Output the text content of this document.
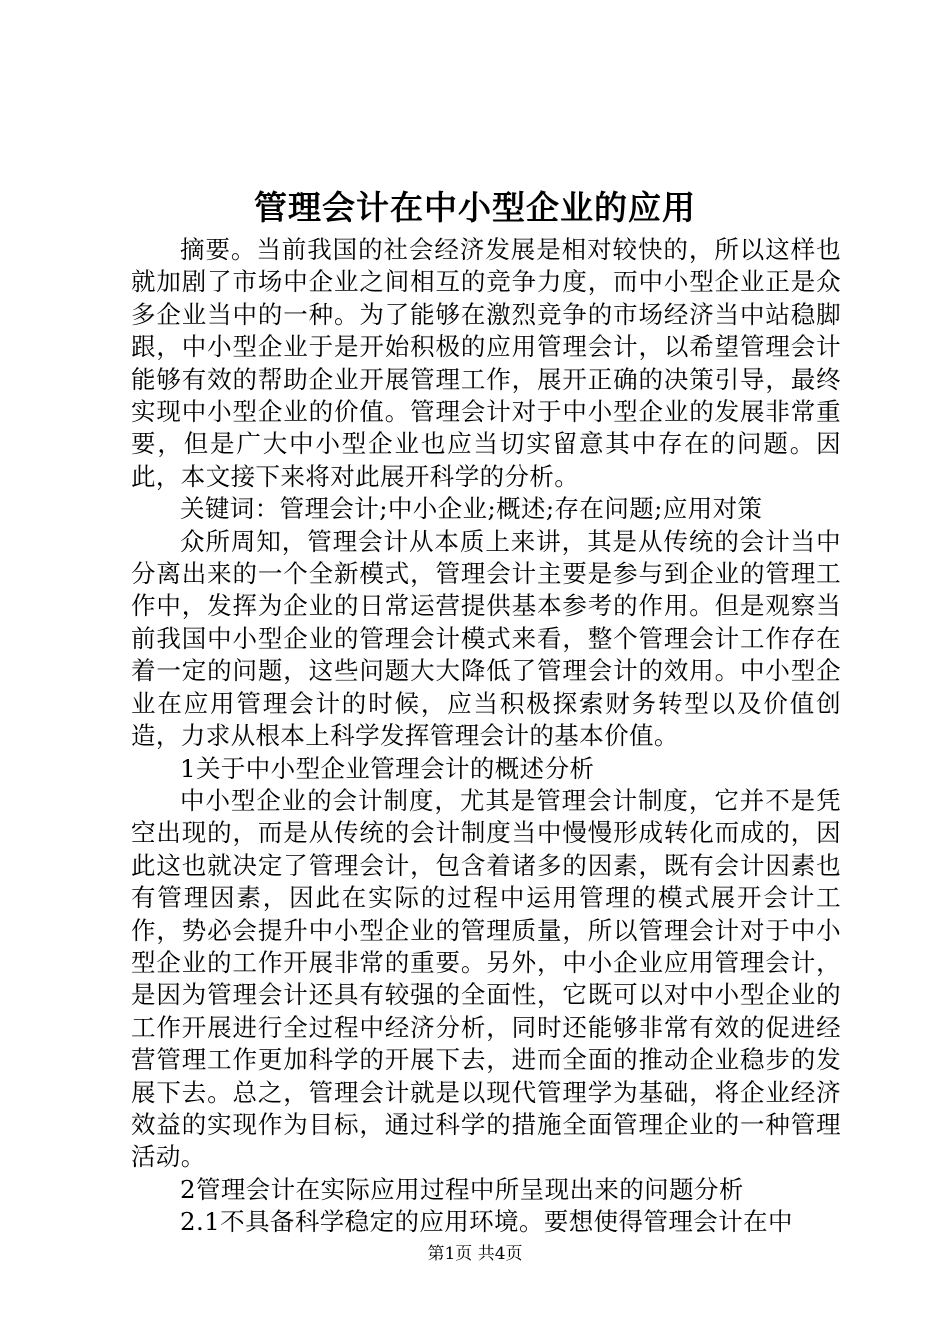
管理会计在中小型企业的应用

摘要。当前我国的社会经济发展是相对较快的，所以这样也就加剧了市场中企业之间相互的竞争力度，而中小型企业正是众多企业当中的一种。为了能够在激烈竞争的市场经济当中站稳脚跟，中小型企业于是开始积极的应用管理会计，以希望管理会计能够有效的帮助企业开展管理工作，展开正确的决策引导，最终实现中小型企业的价值。管理会计对于中小型企业的发展非常重要，但是广大中小型企业也应当切实留意其中存在的问题。因此，本文接下来将对此展开科学的分析。

关键词：管理会计;中小企业;概述;存在问题;应用对策

众所周知，管理会计从本质上来讲，其是从传统的会计当中分离出来的一个全新模式，管理会计主要是参与到企业的管理工作中，发挥为企业的日常运营提供基本参考的作用。但是观察当前我国中小型企业的管理会计模式来看，整个管理会计工作存在着一定的问题，这些问题大大降低了管理会计的效用。中小型企业在应用管理会计的时候，应当积极探索财务转型以及价值创造，力求从根本上科学发挥管理会计的基本价值。

1关于中小型企业管理会计的概述分析

中小型企业的会计制度，尤其是管理会计制度，它并不是凭空出现的，而是从传统的会计制度当中慢慢形成转化而成的，因此这也就决定了管理会计，包含着诸多的因素，既有会计因素也有管理因素，因此在实际的过程中运用管理的模式展开会计工作，势必会提升中小型企业的管理质量，所以管理会计对于中小型企业的工作开展非常的重要。另外，中小企业应用管理会计，是因为管理会计还具有较强的全面性，它既可以对中小型企业的工作开展进行全过程中经济分析，同时还能够非常有效的促进经营管理工作更加科学的开展下去，进而全面的推动企业稳步的发展下去。总之，管理会计就是以现代管理学为基础，将企业经济效益的实现作为目标，通过科学的措施全面管理企业的一种管理活动。

2管理会计在实际应用过程中所呈现出来的问题分析

2.1不具备科学稳定的应用环境。要想使得管理会计在中

第1页 共4页
